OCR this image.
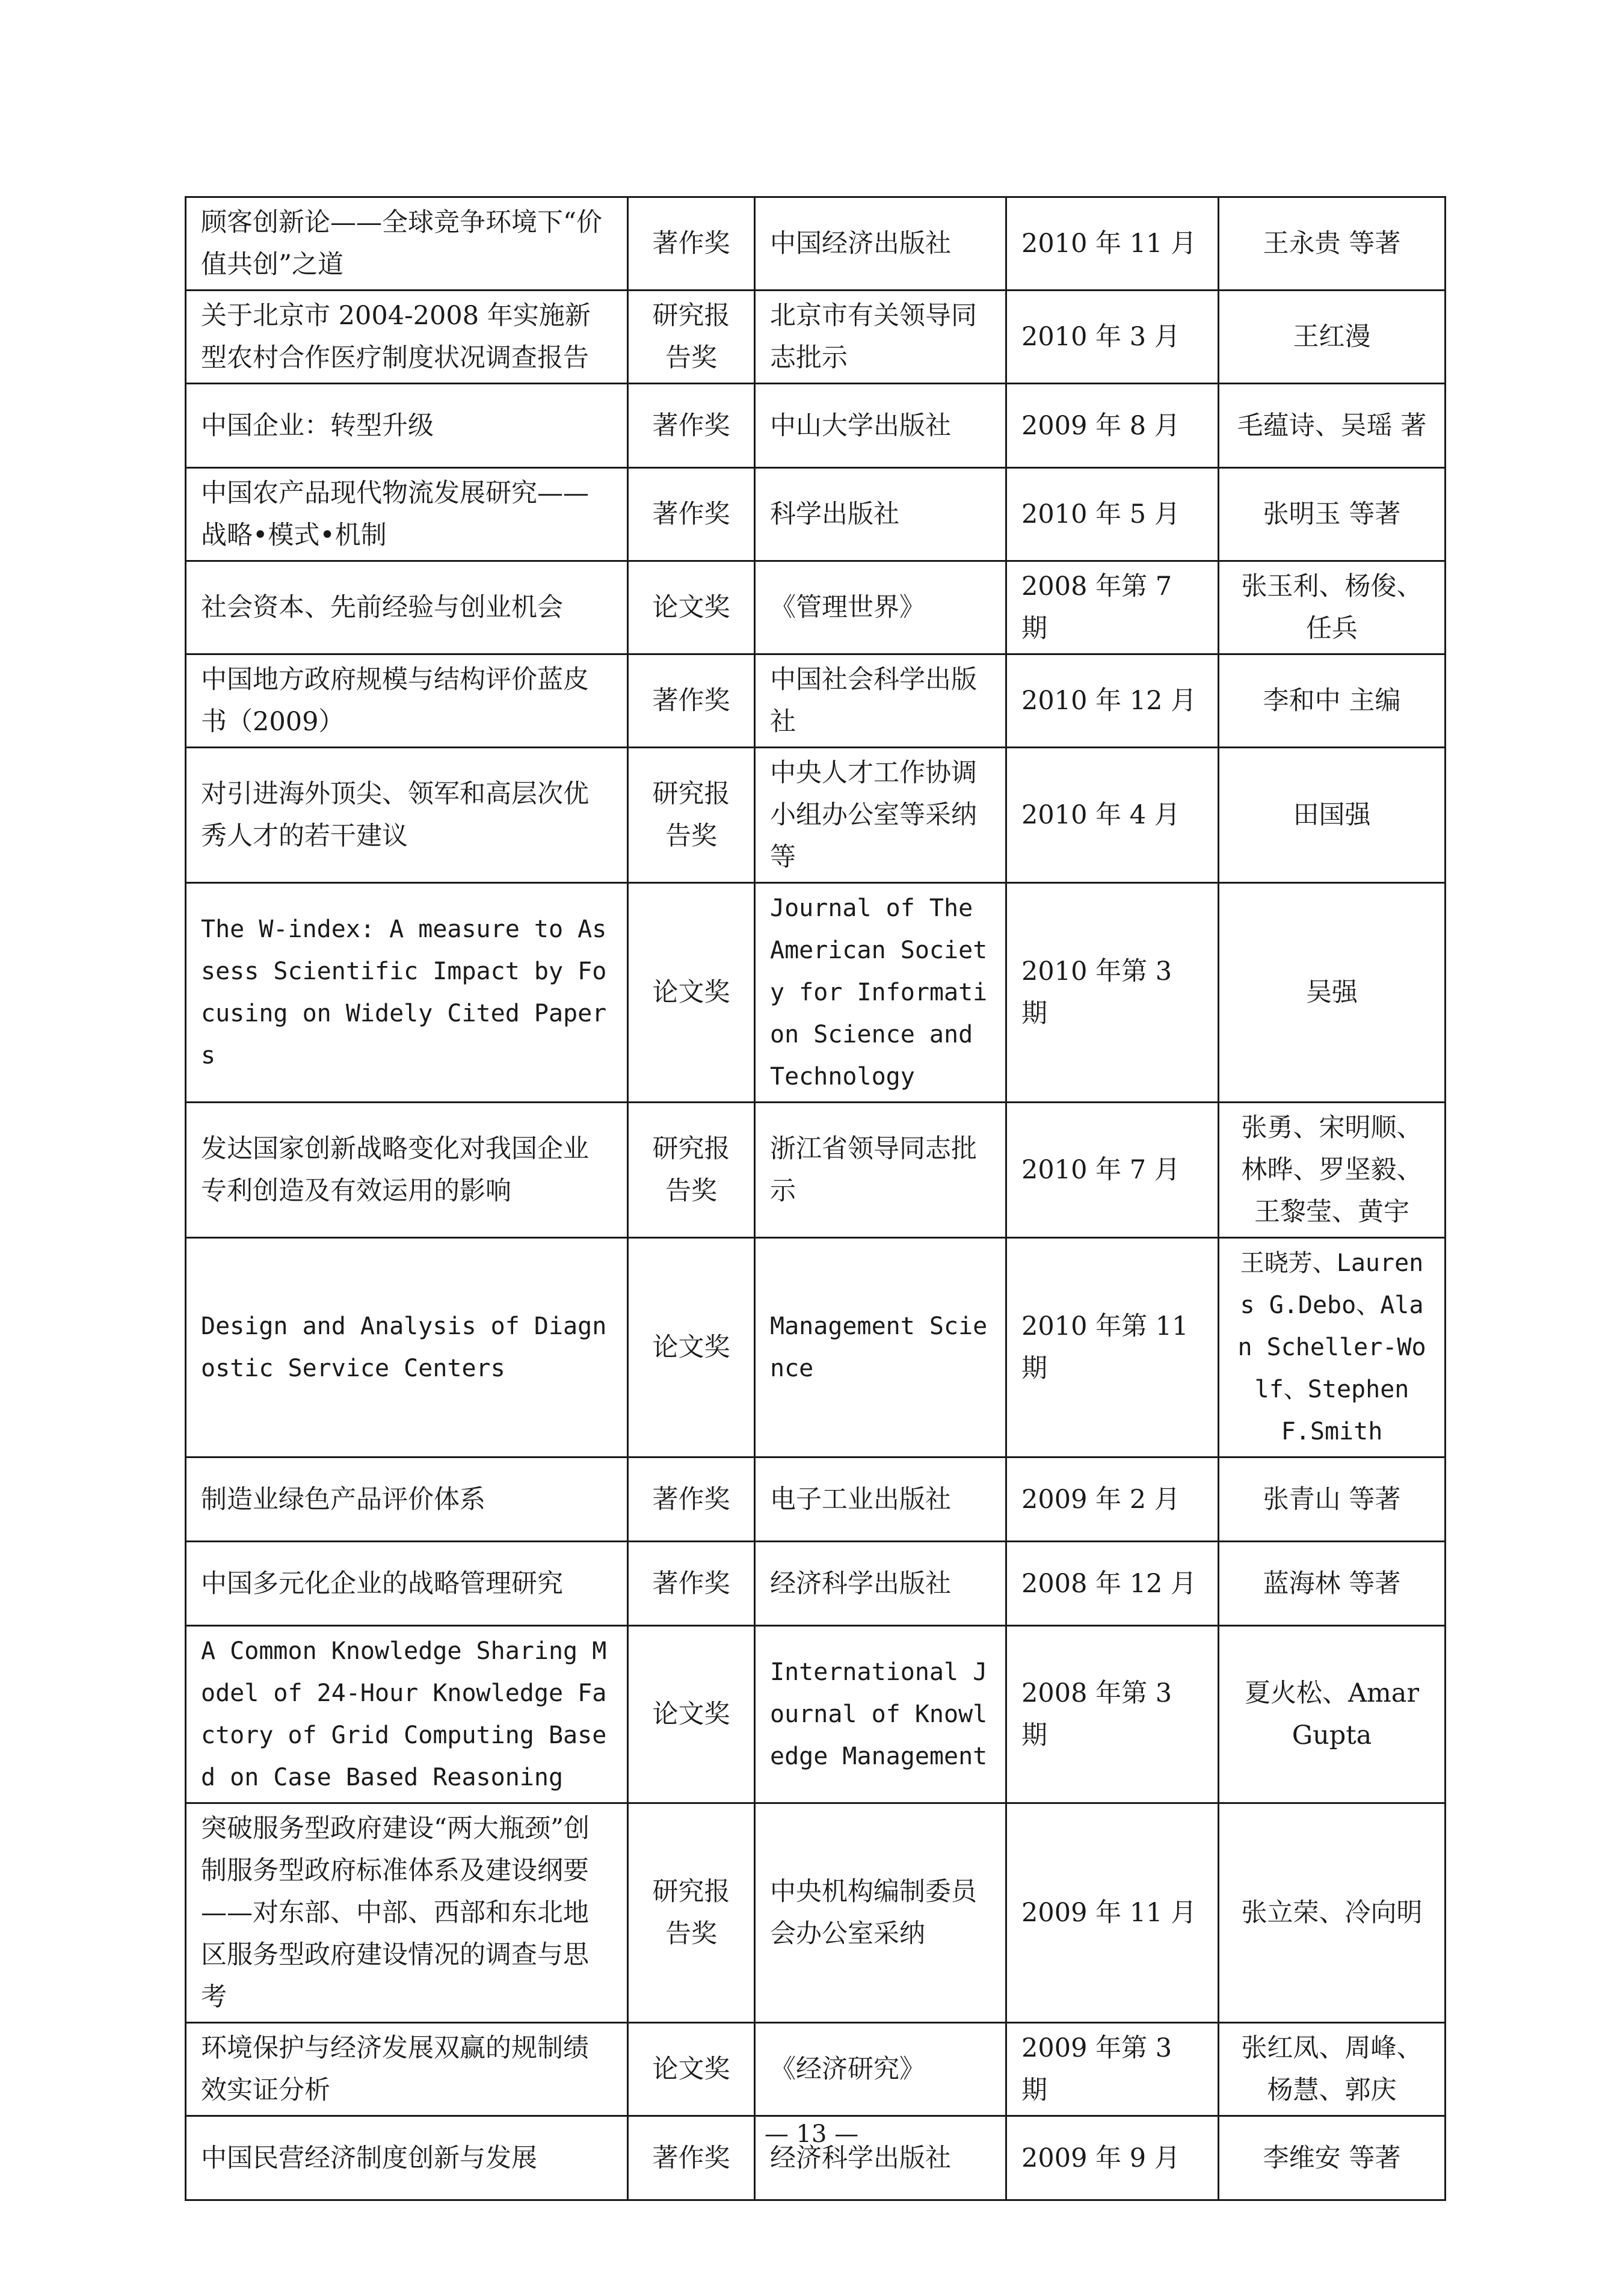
顾客创新论——全球竞争环境下“价值共创”之道	著作奖	中国经济出版社	2010 年 11 月	王永贵 等著
关于北京市 2004-2008 年实施新型农村合作医疗制度状况调查报告	研究报告奖	北京市有关领导同志批示	2010 年 3 月	王红漫
中国企业：转型升级	著作奖	中山大学出版社	2009 年 8 月	毛蕴诗、吴瑶 著
中国农产品现代物流发展研究——战略•模式•机制	著作奖	科学出版社	2010 年 5 月	张明玉 等著
社会资本、先前经验与创业机会	论文奖	《管理世界》	2008 年第 7 期	张玉利、杨俊、任兵
中国地方政府规模与结构评价蓝皮书（2009）	著作奖	中国社会科学出版社	2010 年 12 月	李和中 主编
对引进海外顶尖、领军和高层次优秀人才的若干建议	研究报告奖	中央人才工作协调小组办公室等采纳等	2010 年 4 月	田国强
The W-index: A measure to Assess Scientific Impact by Focusing on Widely Cited Papers	论文奖	Journal of The American Society for Information Science and Technology	2010 年第 3 期	吴强
发达国家创新战略变化对我国企业专利创造及有效运用的影响	研究报告奖	浙江省领导同志批示	2010 年 7 月	张勇、宋明顺、林晔、罗坚毅、王黎莹、黄宇
Design and Analysis of Diagnostic Service Centers	论文奖	Management Science	2010 年第 11 期	王晓芳、Laurens G.Debo、Alan Scheller-Wolf、Stephen F.Smith
制造业绿色产品评价体系	著作奖	电子工业出版社	2009 年 2 月	张青山 等著
中国多元化企业的战略管理研究	著作奖	经济科学出版社	2008 年 12 月	蓝海林 等著
A Common Knowledge Sharing Model of 24-Hour Knowledge Factory of Grid Computing Based on Case Based Reasoning	论文奖	International Journal of Knowledge Management	2008 年第 3 期	夏火松、Amar Gupta
突破服务型政府建设“两大瓶颈”创制服务型政府标准体系及建设纲要——对东部、中部、西部和东北地区服务型政府建设情况的调查与思考	研究报告奖	中央机构编制委员会办公室采纳	2009 年 11 月	张立荣、冷向明
环境保护与经济发展双赢的规制绩效实证分析	论文奖	《经济研究》	2009 年第 3 期	张红凤、周峰、杨慧、郭庆
中国民营经济制度创新与发展	著作奖	经济科学出版社	2009 年 9 月	李维安 等著
— 13 —
